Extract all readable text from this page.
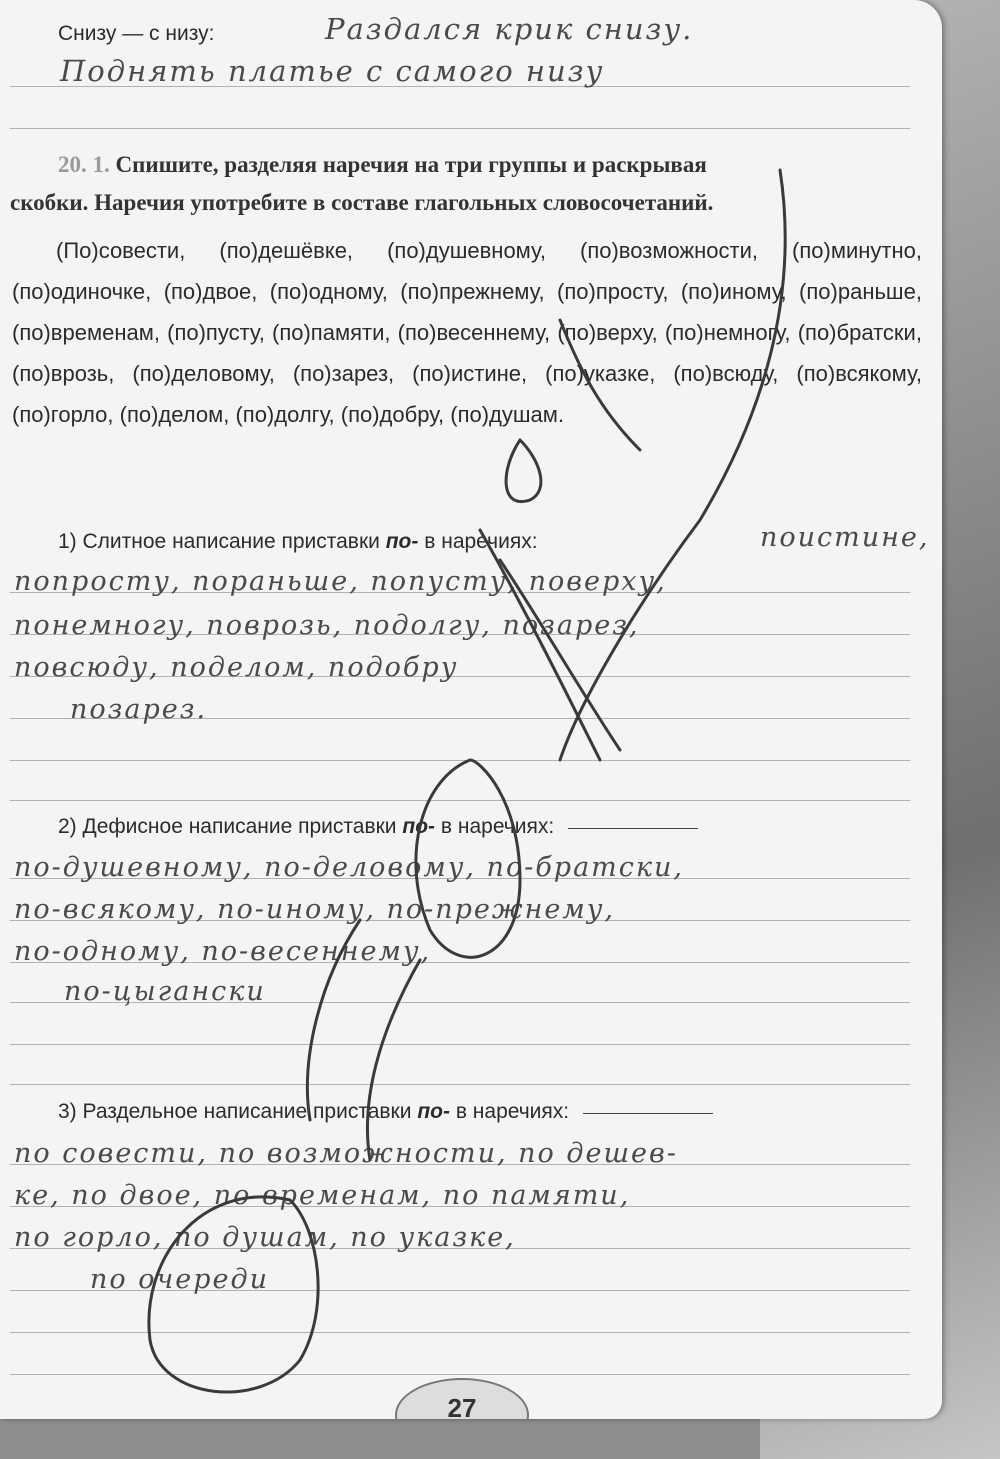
Снизу — с низу:	Раздался крик снизу.
Поднять платье с самого низу
20. 1. Спишите, разделяя наречия на три группы и раскрывая
скобки. Наречия употребите в составе глагольных словосочетаний.
(По)совести, (по)дешёвке, (по)душевному, (по)возможности, (по)минутно, (по)одиночке, (по)двое, (по)одному, (по)прежнему, (по)просту, (по)иному, (по)раньше, (по)временам, (по)пусту, (по)памяти, (по)весеннему, (по)верху, (по)немногу, (по)братски, (по)врозь, (по)деловому, (по)зарез, (по)истине, (по)указке, (по)всюду, (по)всякому, (по)горло, (по)делом, (по)долгу, (по)добру, (по)душам.
1) Слитное написание приставки по- в наречиях:	поистине,
попросту, пораньше, попусту, поверху,
понемногу, поврозь, подолгу, позарез,
повсюду, поделом, подобру
позарез.
2) Дефисное написание приставки по- в наречиях:
по-душевному, по-деловому, по-братски,
по-всякому, по-иному, по-прежнему,
по-одному, по-весеннему,
по-цыгански
3) Раздельное написание приставки по- в наречиях:
по совести, по возможности, по дешев-
ке, по двое, по временам, по памяти,
по горло, по душам, по указке,
по очереди
27
